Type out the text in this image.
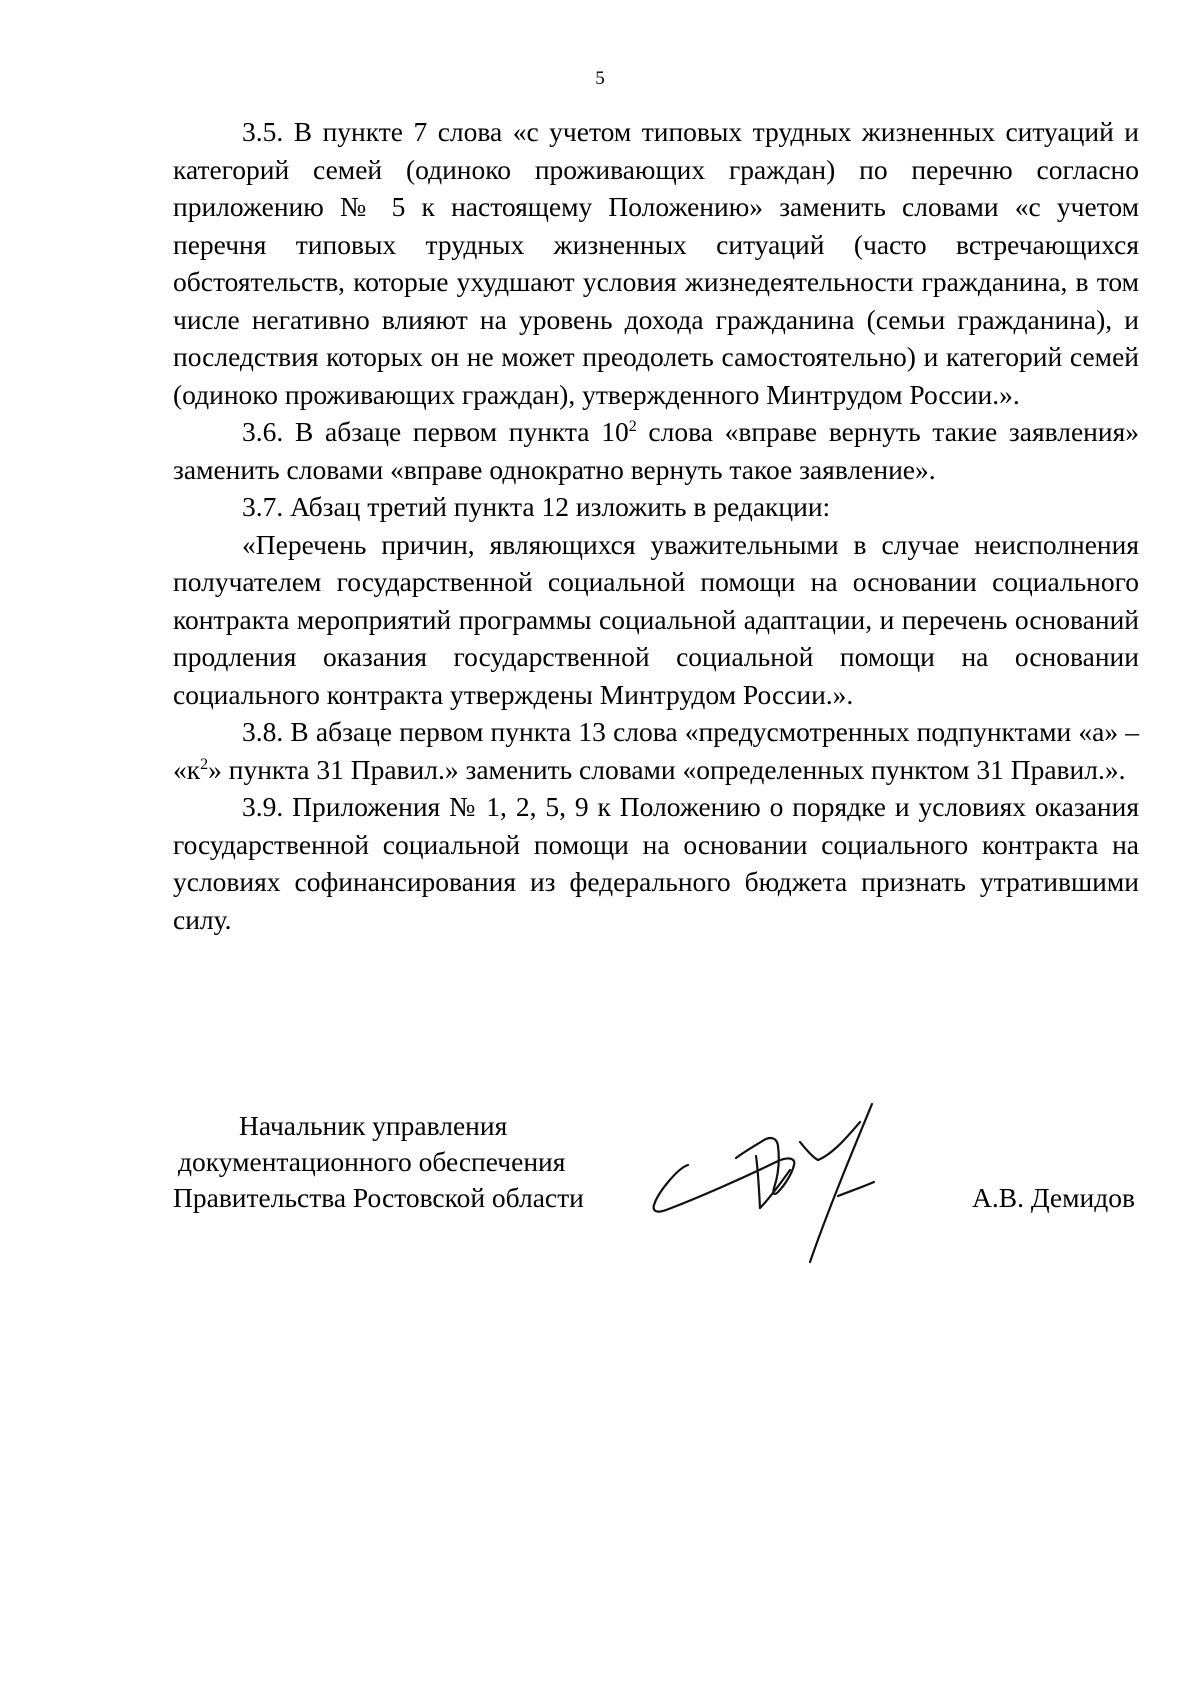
5

3.5. В пункте 7 слова «с учетом типовых трудных жизненных ситуаций и категорий семей (одиноко проживающих граждан) по перечню согласно приложению № 5 к настоящему Положению» заменить словами «с учетом перечня типовых трудных жизненных ситуаций (часто встречающихся обстоятельств, которые ухудшают условия жизнедеятельности гражданина, в том числе негативно влияют на уровень дохода гражданина (семьи гражданина), и последствия которых он не может преодолеть самостоятельно) и категорий семей (одиноко проживающих граждан), утвержденного Минтрудом России.».

3.6. В абзаце первом пункта $10^2$ слова «вправе вернуть такие заявления» заменить словами «вправе однократно вернуть такое заявление».

3.7. Абзац третий пункта 12 изложить в редакции:

«Перечень причин, являющихся уважительными в случае неисполнения получателем государственной социальной помощи на основании социального контракта мероприятий программы социальной адаптации, и перечень оснований продления оказания государственной социальной помощи на основании социального контракта утверждены Минтрудом России.».

3.8. В абзаце первом пункта 13 слова «предусмотренных подпунктами «а» – «$к^2$» пункта 31 Правил.» заменить словами «определенных пунктом 31 Правил.».

3.9. Приложения № 1, 2, 5, 9 к Положению о порядке и условиях оказания государственной социальной помощи на основании социального контракта на условиях софинансирования из федерального бюджета признать утратившими силу.

Начальник управления
документационного обеспечения
Правительства Ростовской области	А.В. Демидов
